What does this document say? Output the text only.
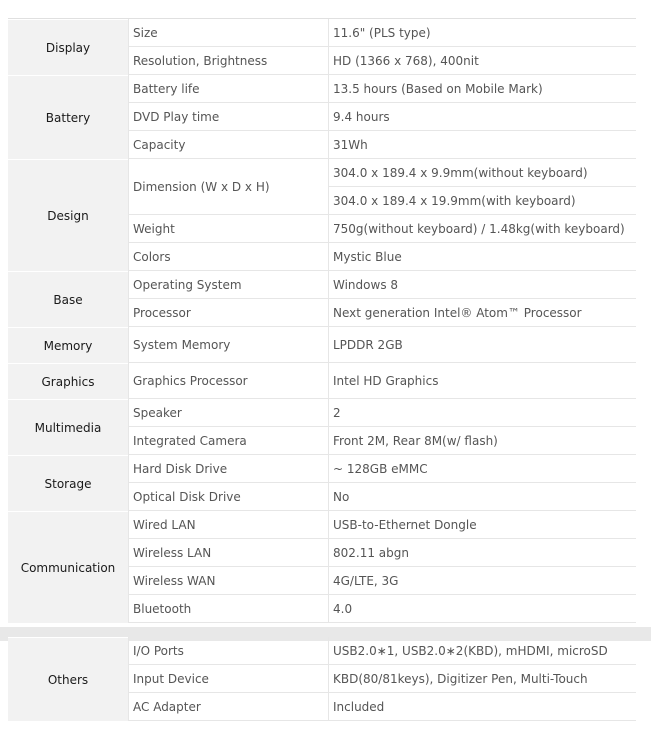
Display
Size	11.6" (PLS type)
Resolution, Brightness	HD (1366 x 768), 400nit
Battery
Battery life	13.5 hours (Based on Mobile Mark)
DVD Play time	9.4 hours
Capacity	31Wh
Design
Dimension (W x D x H)
304.0 x 189.4 x 9.9mm(without keyboard)
304.0 x 189.4 x 19.9mm(with keyboard)
Weight	750g(without keyboard) / 1.48kg(with keyboard)
Colors	Mystic Blue
Base
Operating System	Windows 8
Processor	Next generation Intel® Atom™ Processor
Memory	System Memory	LPDDR 2GB
Graphics	Graphics Processor	Intel HD Graphics
Multimedia
Speaker	2
Integrated Camera	Front 2M, Rear 8M(w/ flash)
Storage
Hard Disk Drive	~ 128GB eMMC
Optical Disk Drive	No
Communication
Wired LAN	USB-to-Ethernet Dongle
Wireless LAN	802.11 abgn
Wireless WAN	4G/LTE, 3G
Bluetooth	4.0
Others
I/O Ports	USB2.0∗1, USB2.0∗2(KBD), mHDMI, microSD
Input Device	KBD(80/81keys), Digitizer Pen, Multi-Touch
AC Adapter	Included
